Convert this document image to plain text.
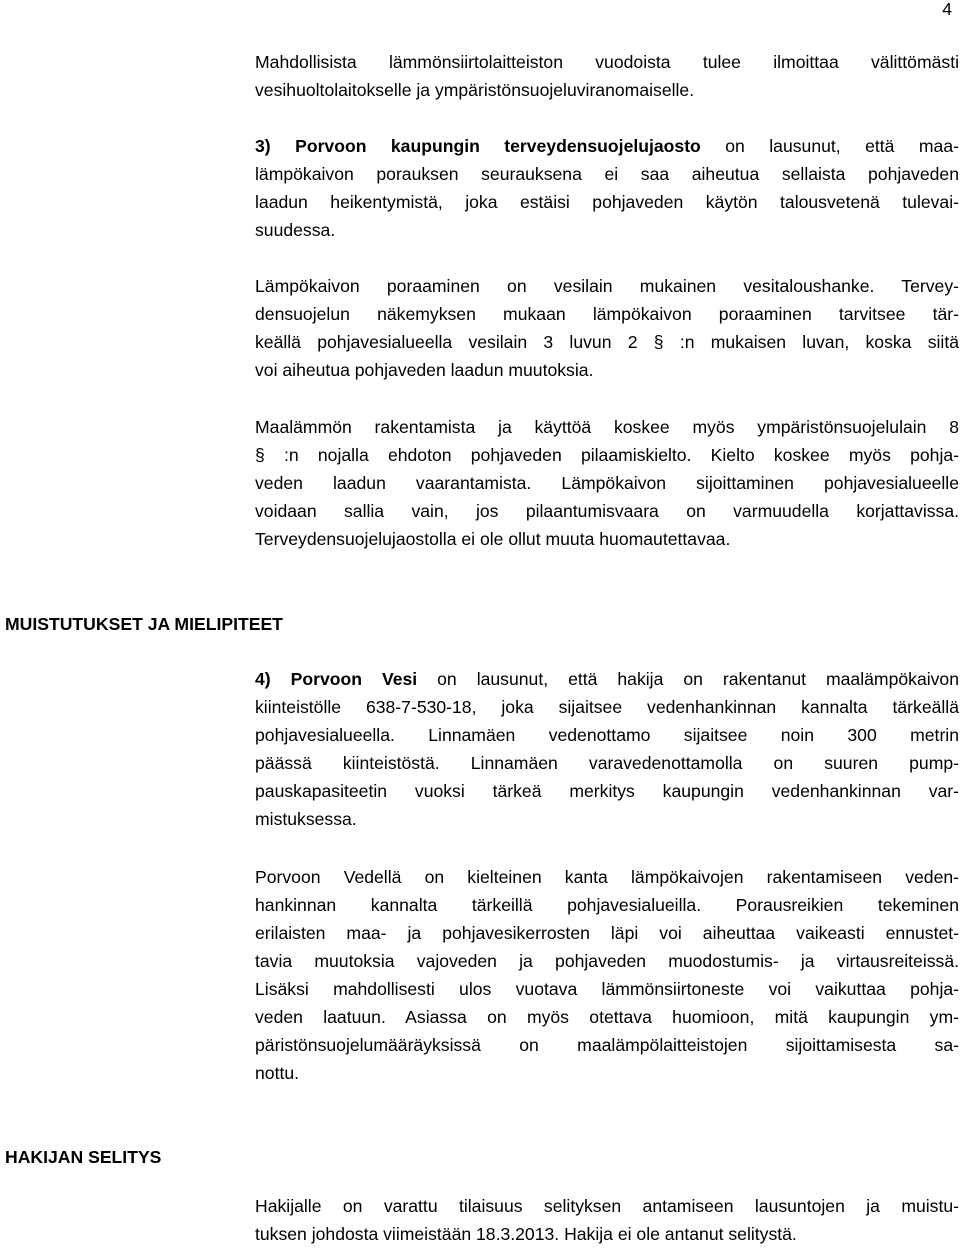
4
Mahdollisista lämmönsiirtolaitteiston vuodoista tulee ilmoittaa välittömästi
vesihuoltolaitokselle ja ympäristönsuojeluviranomaiselle.
3) Porvoon kaupungin terveydensuojelujaosto on lausunut, että maa-
lämpökaivon porauksen seurauksena ei saa aiheutua sellaista pohjaveden
laadun heikentymistä, joka estäisi pohjaveden käytön talousvetenä tulevai-
suudessa.
Lämpökaivon poraaminen on vesilain mukainen vesitaloushanke. Tervey-
densuojelun näkemyksen mukaan lämpökaivon poraaminen tarvitsee tär-
keällä pohjavesialueella vesilain 3 luvun 2 § :n mukaisen luvan, koska siitä
voi aiheutua pohjaveden laadun muutoksia.
Maalämmön rakentamista ja käyttöä koskee myös ympäristönsuojelulain 8
§ :n nojalla ehdoton pohjaveden pilaamiskielto. Kielto koskee myös pohja-
veden laadun vaarantamista. Lämpökaivon sijoittaminen pohjavesialueelle
voidaan sallia vain, jos pilaantumisvaara on varmuudella korjattavissa.
Terveydensuojelujaostolla ei ole ollut muuta huomautettavaa.
MUISTUTUKSET JA MIELIPITEET
4) Porvoon Vesi on lausunut, että hakija on rakentanut maalämpökaivon
kiinteistölle 638-7-530-18, joka sijaitsee vedenhankinnan kannalta tärkeällä
pohjavesialueella. Linnamäen vedenottamo sijaitsee noin 300 metrin
päässä kiinteistöstä. Linnamäen varavedenottamolla on suuren pump-
pauskapasiteetin vuoksi tärkeä merkitys kaupungin vedenhankinnan var-
mistuksessa.
Porvoon Vedellä on kielteinen kanta lämpökaivojen rakentamiseen veden-
hankinnan kannalta tärkeillä pohjavesialueilla. Porausreikien tekeminen
erilaisten maa- ja pohjavesikerrosten läpi voi aiheuttaa vaikeasti ennustet-
tavia muutoksia vajoveden ja pohjaveden muodostumis- ja virtausreiteissä.
Lisäksi mahdollisesti ulos vuotava lämmönsiirtoneste voi vaikuttaa pohja-
veden laatuun. Asiassa on myös otettava huomioon, mitä kaupungin ym-
päristönsuojelumääräyksissä on maalämpölaitteistojen sijoittamisesta sa-
nottu.
HAKIJAN SELITYS
Hakijalle on varattu tilaisuus selityksen antamiseen lausuntojen ja muistu-
tuksen johdosta viimeistään 18.3.2013. Hakija ei ole antanut selitystä.
